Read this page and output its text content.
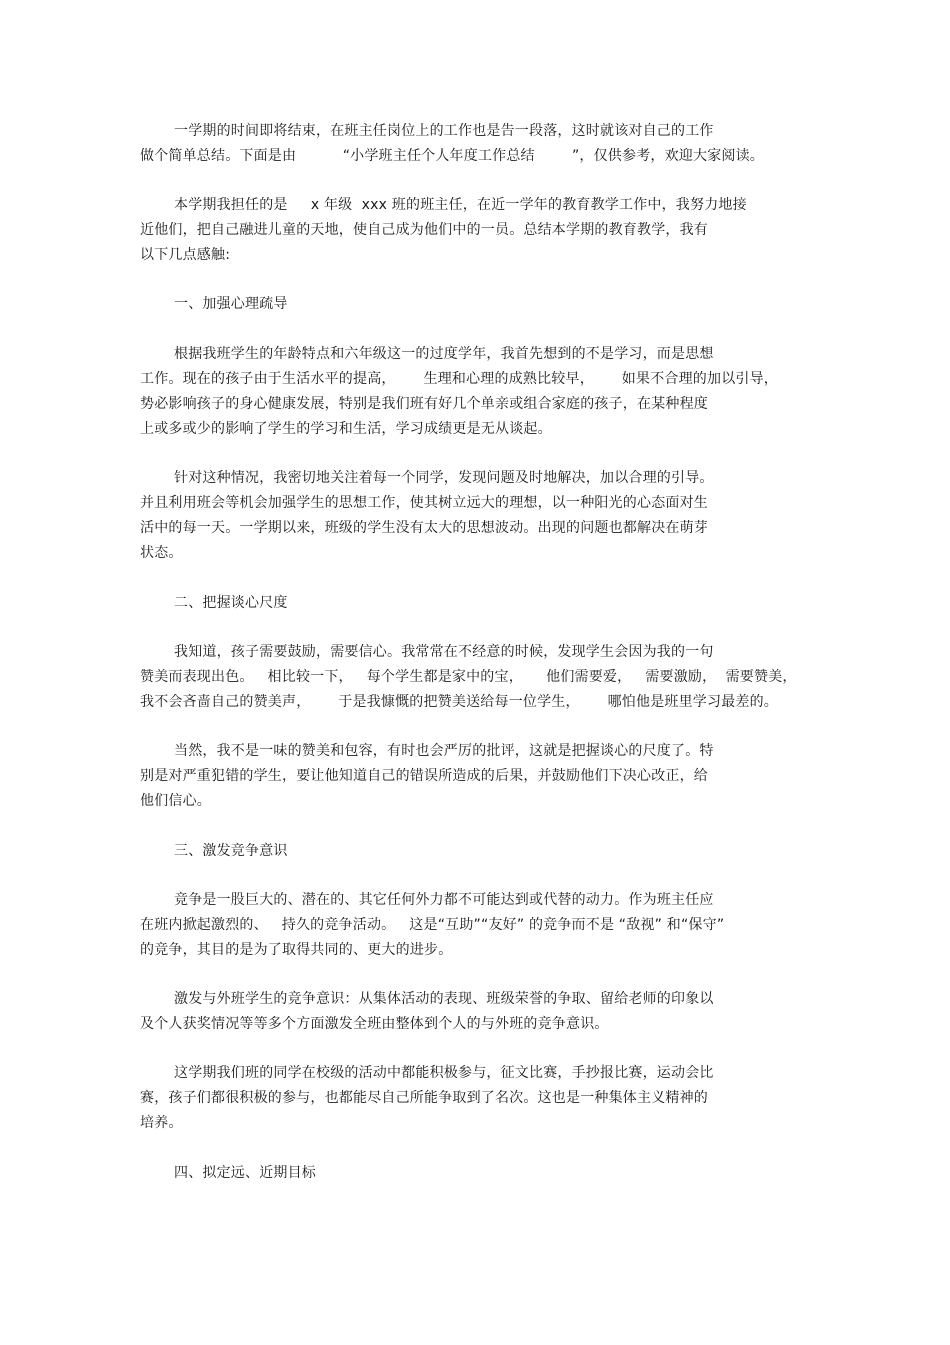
一学期的时间即将结束，在班主任岗位上的工作也是告一段落，这时就该对自己的工作
做个简单总结。下面是由          “小学班主任个人年度工作总结        ”，仅供参考，欢迎大家阅读。
本学期我担任的是     x 年级  xxx 班的班主任，在近一学年的教育教学工作中，我努力地接
近他们，把自己融进儿童的天地，使自己成为他们中的一员。总结本学期的教育教学，我有
以下几点感触:
一、加强心理疏导
根据我班学生的年龄特点和六年级这一的过度学年，我首先想到的不是学习，而是思想
工作。现在的孩子由于生活水平的提高，      生理和心理的成熟比较早，      如果不合理的加以引导，
势必影响孩子的身心健康发展，特别是我们班有好几个单亲或组合家庭的孩子，在某种程度
上或多或少的影响了学生的学习和生活，学习成绩更是无从谈起。
针对这种情况，我密切地关注着每一个同学，发现问题及时地解决，加以合理的引导。
并且利用班会等机会加强学生的思想工作，使其树立远大的理想，以一种阳光的心态面对生
活中的每一天。一学期以来，班级的学生没有太大的思想波动。出现的问题也都解决在萌芽
状态。
二、把握谈心尺度
我知道，孩子需要鼓励，需要信心。我常常在不经意的时候，发现学生会因为我的一句
赞美而表现出色。   相比较一下，   每个学生都是家中的宝，     他们需要爱，   需要激励，  需要赞美，
我不会吝啬自己的赞美声，      于是我慷慨的把赞美送给每一位学生，      哪怕他是班里学习最差的。
当然，我不是一味的赞美和包容，有时也会严厉的批评，这就是把握谈心的尺度了。特
别是对严重犯错的学生，要让他知道自己的错误所造成的后果，并鼓励他们下决心改正，给
他们信心。
三、激发竞争意识
竞争是一股巨大的、潜在的、其它任何外力都不可能达到或代替的动力。作为班主任应
在班内掀起激烈的、   持久的竞争活动。   这是“互助”“友好” 的竞争而不是 “敌视” 和“保守”
的竞争，其目的是为了取得共同的、更大的进步。
激发与外班学生的竞争意识：从集体活动的表现、班级荣誉的争取、留给老师的印象以
及个人获奖情况等等多个方面激发全班由整体到个人的与外班的竞争意识。
这学期我们班的同学在校级的活动中都能积极参与，征文比赛，手抄报比赛，运动会比
赛，孩子们都很积极的参与，也都能尽自己所能争取到了名次。这也是一种集体主义精神的
培养。
四、拟定远、近期目标
